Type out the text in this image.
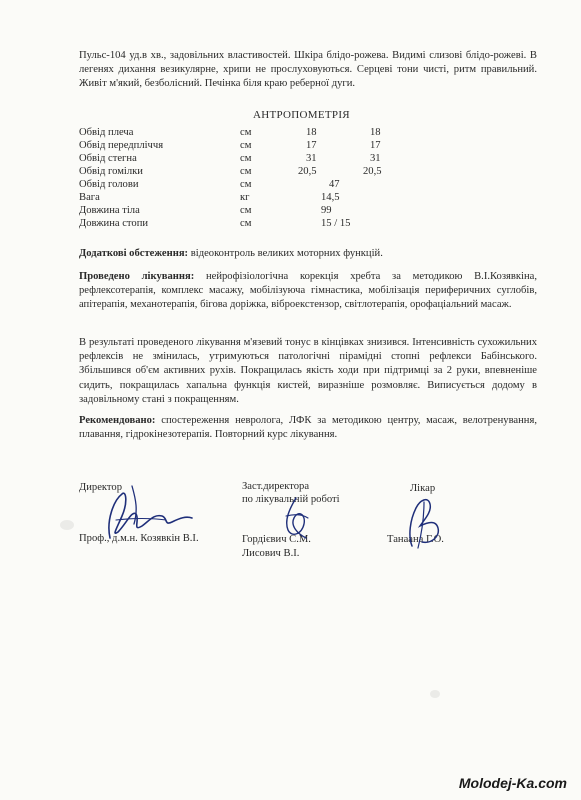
Пульс-104 уд.в хв., задовільних властивостей. Шкіра блідо-рожева. Видимі слизові блідо-рожеві. В легенях дихання везикулярне, хрипи не прослуховуються. Серцеві тони чисті, ритм правильний. Живіт м'який, безболісний. Печінка біля краю реберної дуги.

АНТРОПОМЕТРІЯ

Обвід плеча	см	18	18
Обвід передпліччя	см	17	17
Обвід стегна	см	31	31
Обвід гомілки	см	20,5	20,5
Обвід голови	см	47
Вага	кг	14,5
Довжина тіла	см	99
Довжина стопи	см	15 / 15

Додаткові обстеження: відеоконтроль великих моторних функцій.

Проведено лікування: нейрофізіологічна корекція хребта за методикою В.І.Козявкіна, рефлексотерапія, комплекс масажу, мобілізуюча гімнастика, мобілізація периферичних суглобів, апітерапія, механотерапія, бігова доріжка, віброекстензор, світлотерапія, орофаціальний масаж.

В результаті проведеного лікування м'язевий тонус в кінцівках знизився. Інтенсивність сухожильних рефлексів не змінилась, утримуються патологічні пірамідні стопні рефлекси Бабінського. Збільшився об'єм активних рухів. Покращилась якість ходи при підтримці за 2 руки, впевненіше сидить, покращилась хапальна функція кистей, виразніше розмовляє. Виписується додому в задовільному стані з покращенням.

Рекомендовано: спостереження невролога, ЛФК за методикою центру, масаж, велотренування, плавання, гідрокінезотерапія. Повторний курс лікування.

Директор

Проф., д.м.н. Козявкін В.І.

Заст.директора

по лікувальній роботі

Гордієвич С.М.

Лисович В.І.

Лікар

Танаана Г.О.

Molodej-Ka.com
